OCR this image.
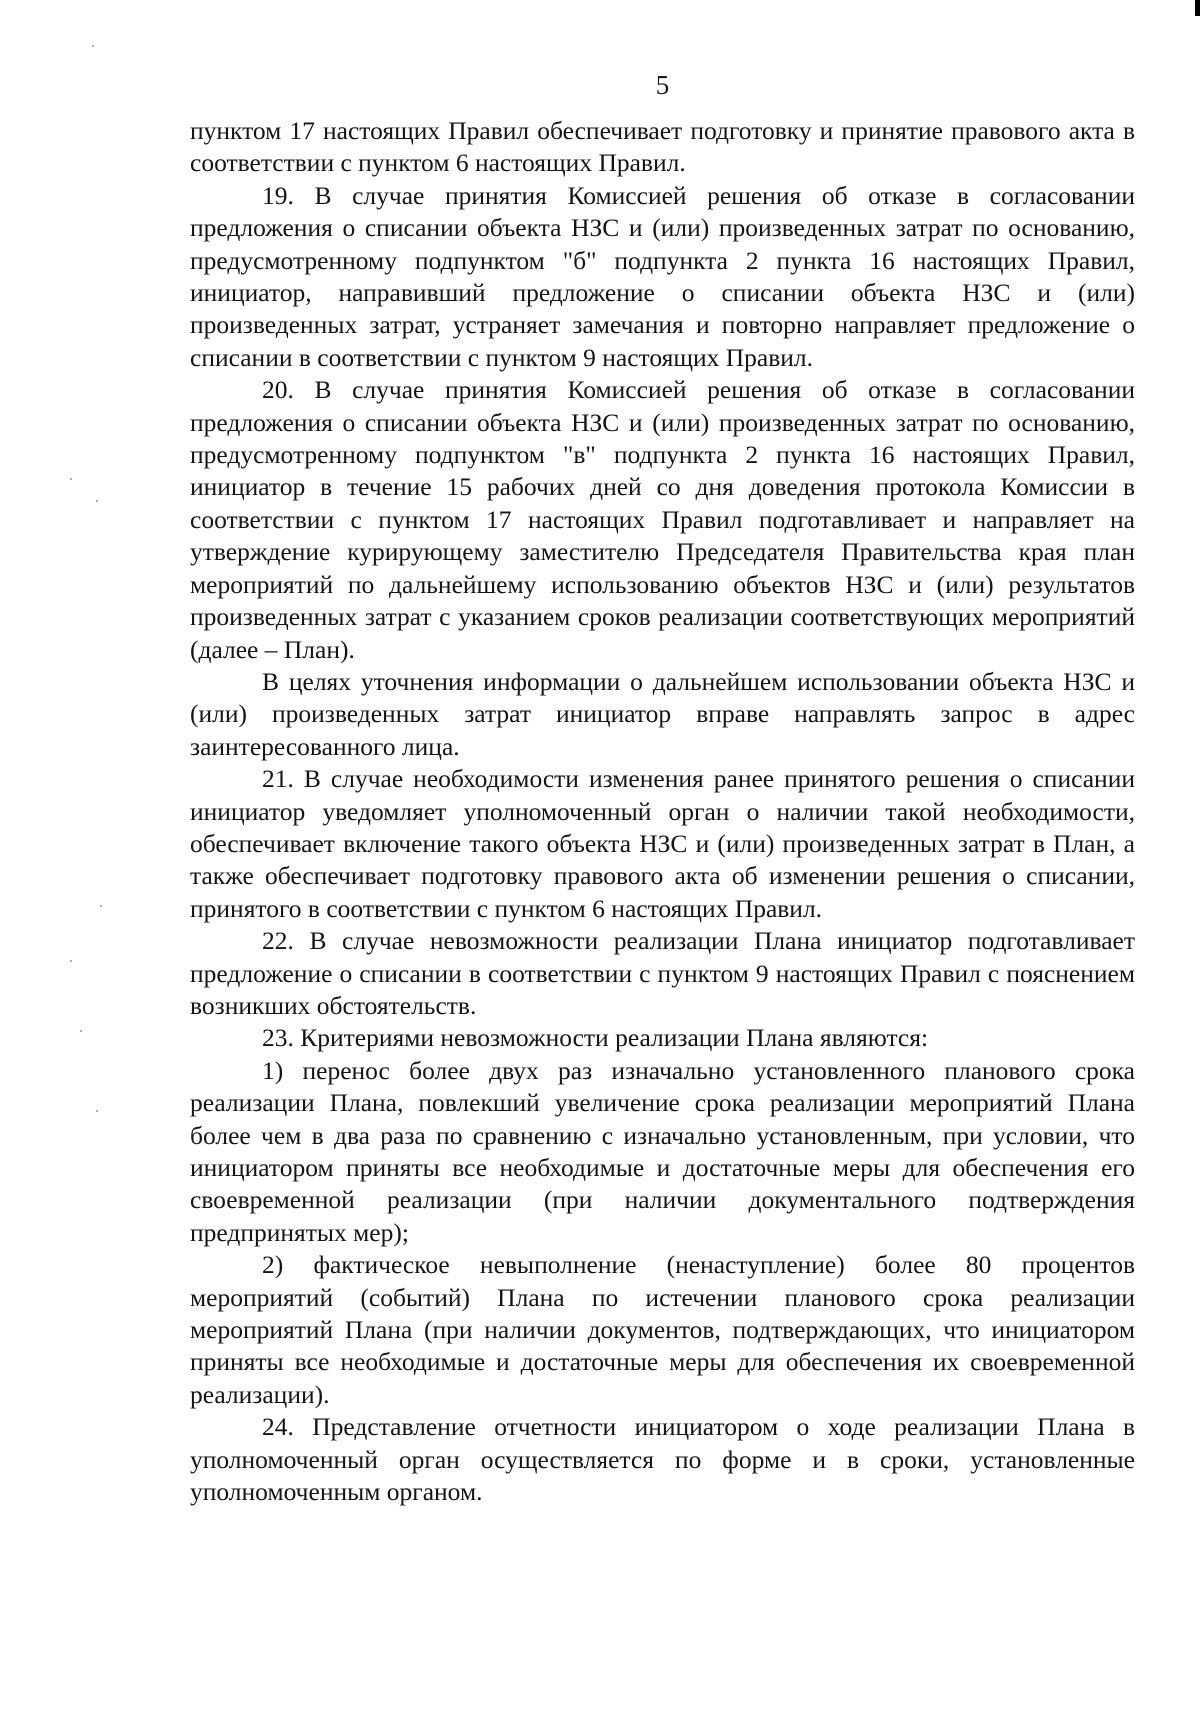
5

пунктом 17 настоящих Правил обеспечивает подготовку и принятие правового акта в соответствии с пунктом 6 настоящих Правил.

19. В случае принятия Комиссией решения об отказе в согласовании предложения о списании объекта НЗС и (или) произведенных затрат по основанию, предусмотренному подпунктом "б" подпункта 2 пункта 16 настоящих Правил, инициатор, направивший предложение о списании объекта НЗС и (или) произведенных затрат, устраняет замечания и повторно направляет предложение о списании в соответствии с пунктом 9 настоящих Правил.

20. В случае принятия Комиссией решения об отказе в согласовании предложения о списании объекта НЗС и (или) произведенных затрат по основанию, предусмотренному подпунктом "в" подпункта 2 пункта 16 настоящих Правил, инициатор в течение 15 рабочих дней со дня доведения протокола Комиссии в соответствии с пунктом 17 настоящих Правил подготавливает и направляет на утверждение курирующему заместителю Председателя Правительства края план мероприятий по дальнейшему использованию объектов НЗС и (или) результатов произведенных затрат с указанием сроков реализации соответствующих мероприятий (далее – План).

В целях уточнения информации о дальнейшем использовании объекта НЗС и (или) произведенных затрат инициатор вправе направлять запрос в адрес заинтересованного лица.

21. В случае необходимости изменения ранее принятого решения о списании инициатор уведомляет уполномоченный орган о наличии такой необходимости, обеспечивает включение такого объекта НЗС и (или) произведенных затрат в План, а также обеспечивает подготовку правового акта об изменении решения о списании, принятого в соответствии с пунктом 6 настоящих Правил.

22. В случае невозможности реализации Плана инициатор подготавливает предложение о списании в соответствии с пунктом 9 настоящих Правил с пояснением возникших обстоятельств.

23. Критериями невозможности реализации Плана являются:

1) перенос более двух раз изначально установленного планового срока реализации Плана, повлекший увеличение срока реализации мероприятий Плана более чем в два раза по сравнению с изначально установленным, при условии, что инициатором приняты все необходимые и достаточные меры для обеспечения его своевременной реализации (при наличии документального подтверждения предпринятых мер);

2) фактическое невыполнение (ненаступление) более 80 процентов мероприятий (событий) Плана по истечении планового срока реализации мероприятий Плана (при наличии документов, подтверждающих, что инициатором приняты все необходимые и достаточные меры для обеспечения их своевременной реализации).

24. Представление отчетности инициатором о ходе реализации Плана в уполномоченный орган осуществляется по форме и в сроки, установленные уполномоченным органом.
